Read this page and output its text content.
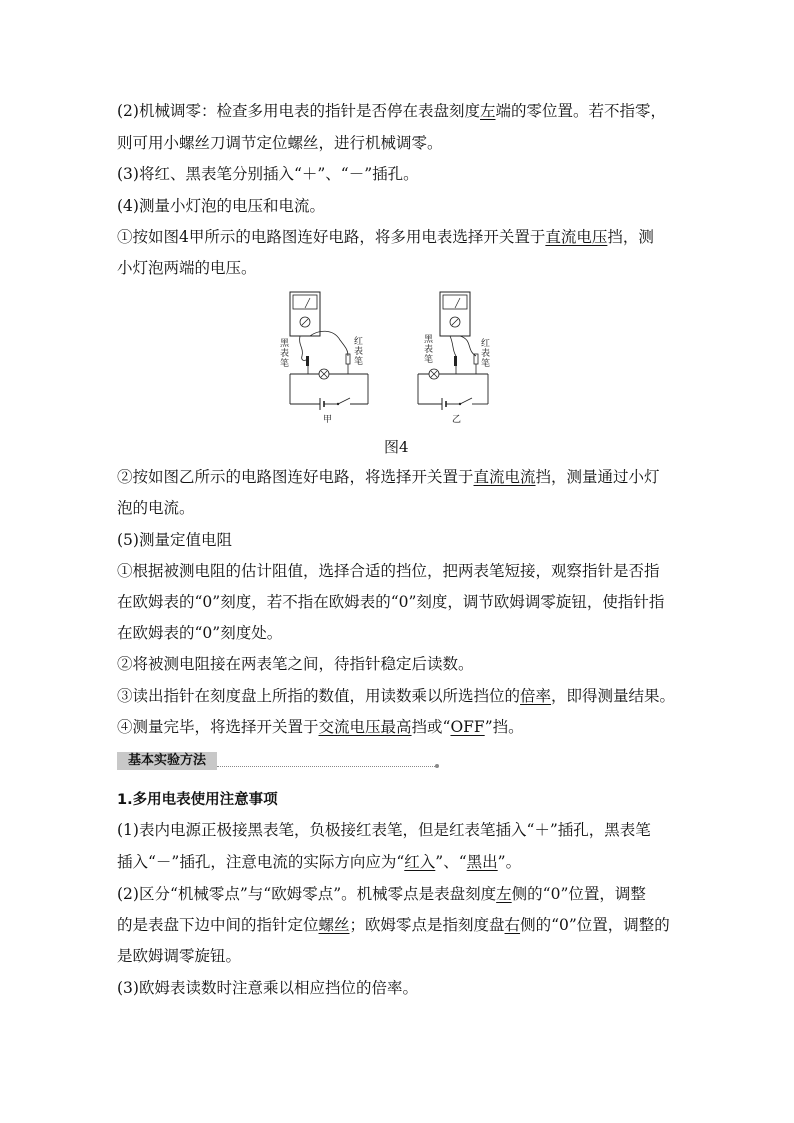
(2)机械调零：检查多用电表的指针是否停在表盘刻度左端的零位置。若不指零，
则可用小螺丝刀调节定位螺丝，进行机械调零。
(3)将红、黑表笔分别插入“＋”、“－”插孔。
(4)测量小灯泡的电压和电流。
①按如图4甲所示的电路图连好电路，将多用电表选择开关置于直流电压挡，测
小灯泡两端的电压。
黑
表
笔
红
表
笔
甲
黑
表
笔
红
表
笔
乙
图4
②按如图乙所示的电路图连好电路，将选择开关置于直流电流挡，测量通过小灯
泡的电流。
(5)测量定值电阻
①根据被测电阻的估计阻值，选择合适的挡位，把两表笔短接，观察指针是否指
在欧姆表的“0”刻度，若不指在欧姆表的“0”刻度，调节欧姆调零旋钮，使指针指
在欧姆表的“0”刻度处。
②将被测电阻接在两表笔之间，待指针稳定后读数。
③读出指针在刻度盘上所指的数值，用读数乘以所选挡位的倍率，即得测量结果。
④测量完毕，将选择开关置于交流电压最高挡或“OFF”挡。
基本实验方法
1.多用电表使用注意事项
(1)表内电源正极接黑表笔，负极接红表笔，但是红表笔插入“＋”插孔，黑表笔
插入“－”插孔，注意电流的实际方向应为“红入”、“黑出”。
(2)区分“机械零点”与“欧姆零点”。机械零点是表盘刻度左侧的“0”位置，调整
的是表盘下边中间的指针定位螺丝；欧姆零点是指刻度盘右侧的“0”位置，调整的
是欧姆调零旋钮。
(3)欧姆表读数时注意乘以相应挡位的倍率。
